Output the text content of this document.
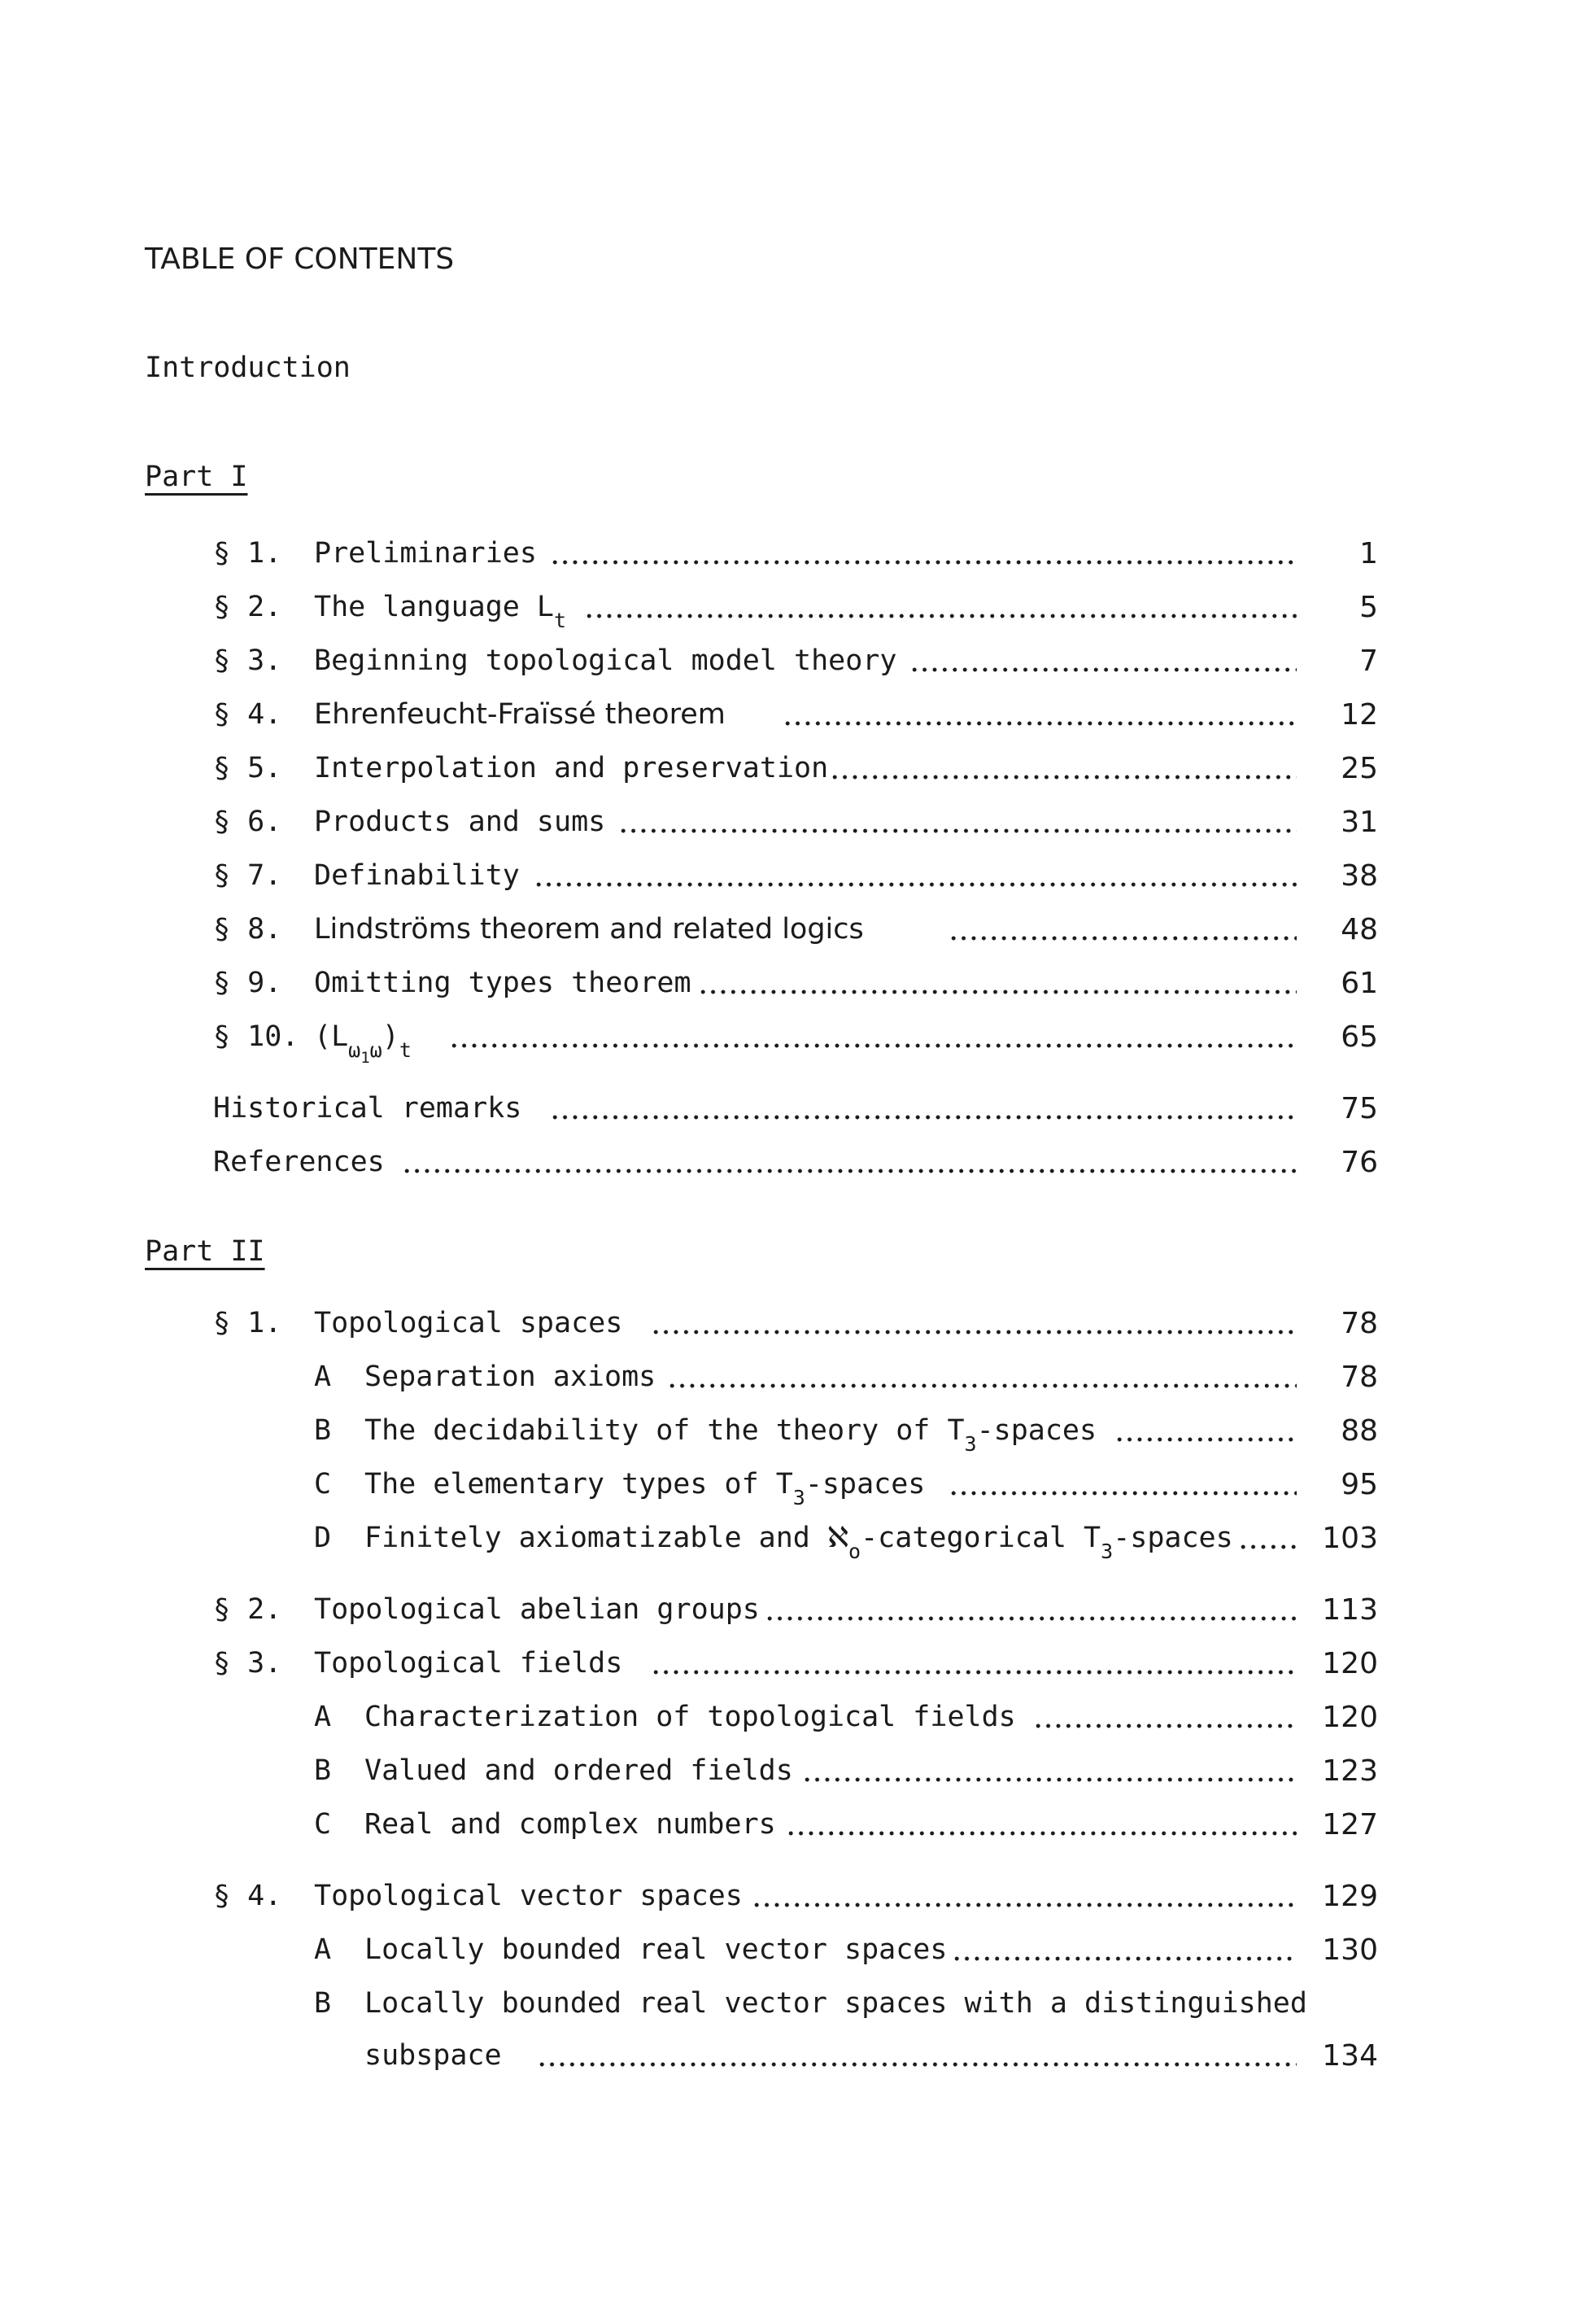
TABLE OF CONTENTS
Introduction
Part I
§ 1. Preliminaries	1
§ 2. The language $L_t$	5
§ 3. Beginning topological model theory	7
§ 4. Ehrenfeucht-Fraïssé theorem	12
§ 5. Interpolation and preservation	25
§ 6. Products and sums	31
§ 7. Definability	38
§ 8. Lindströms theorem and related logics	48
§ 9. Omitting types theorem	61
§ 10. $(L_{\omega_1\omega})_t$	65
Historical remarks	75
References	76
Part II
§ 1. Topological spaces	78
A Separation axioms	78
B The decidability of the theory of $T_3$-spaces	88
C The elementary types of $T_3$-spaces	95
D Finitely axiomatizable and ℵ$_o$-categorical $T_3$-spaces	103
§ 2. Topological abelian groups	113
§ 3. Topological fields	120
A Characterization of topological fields	120
B Valued and ordered fields	123
C Real and complex numbers	127
§ 4. Topological vector spaces	129
A Locally bounded real vector spaces	130
B Locally bounded real vector spaces with a distinguished
subspace	134
